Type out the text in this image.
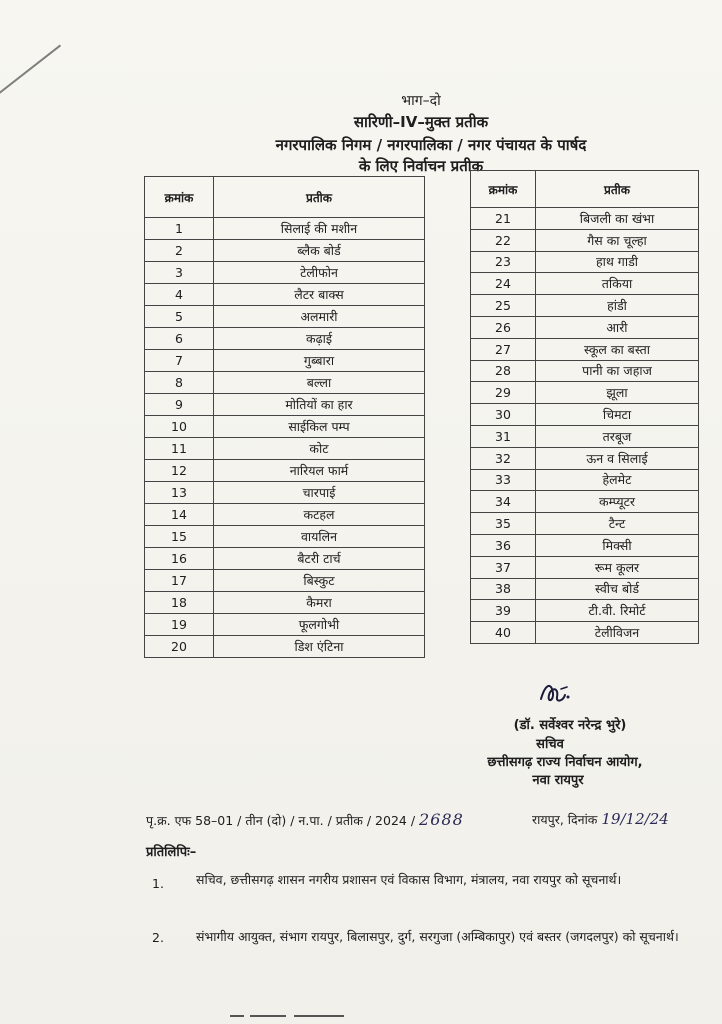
भाग–दो
सारिणी–IV–मुक्त प्रतीक
नगरपालिक निगम / नगरपालिका / नगर पंचायत के पार्षद
के लिए निर्वाचन प्रतीक
क्रमांक	प्रतीक
1	सिलाई की मशीन
2	ब्लैक बोर्ड
3	टेलीफोन
4	लैटर बाक्स
5	अलमारी
6	कढ़ाई
7	गुब्बारा
8	बल्ला
9	मोतियों का हार
10	साईकिल पम्प
11	कोट
12	नारियल फार्म
13	चारपाई
14	कटहल
15	वायलिन
16	बैटरी टार्च
17	बिस्कुट
18	कैमरा
19	फूलगोभी
20	डिश एंटिना
क्रमांक	प्रतीक
21	बिजली का खंभा
22	गैस का चूल्हा
23	हाथ गाडी
24	तकिया
25	हांडी
26	आरी
27	स्कूल का बस्ता
28	पानी का जहाज
29	झूला
30	चिमटा
31	तरबूज
32	ऊन व सिलाई
33	हेलमेट
34	कम्प्यूटर
35	टैन्ट
36	मिक्सी
37	रूम कूलर
38	स्वीच बोर्ड
39	टी.वी. रिमोर्ट
40	टेलीविजन
(डॉ. सर्वेश्वर नरेन्द्र भुरे)
सचिव
छत्तीसगढ़ राज्य निर्वाचन आयोग,
नवा रायपुर
पृ.क्र. एफ 58–01 / तीन (दो) / न.पा. / प्रतीक / 2024 / 2688	रायपुर, दिनांक 19/12/24
प्रतिलिपिः–
1.	सचिव, छत्तीसगढ़ शासन नगरीय प्रशासन एवं विकास विभाग, मंत्रालय, नवा रायपुर को सूचनार्थ।
2.	संभागीय आयुक्त, संभाग रायपुर, बिलासपुर, दुर्ग, सरगुजा (अम्बिकापुर) एवं बस्तर (जगदलपुर) को सूचनार्थ।
